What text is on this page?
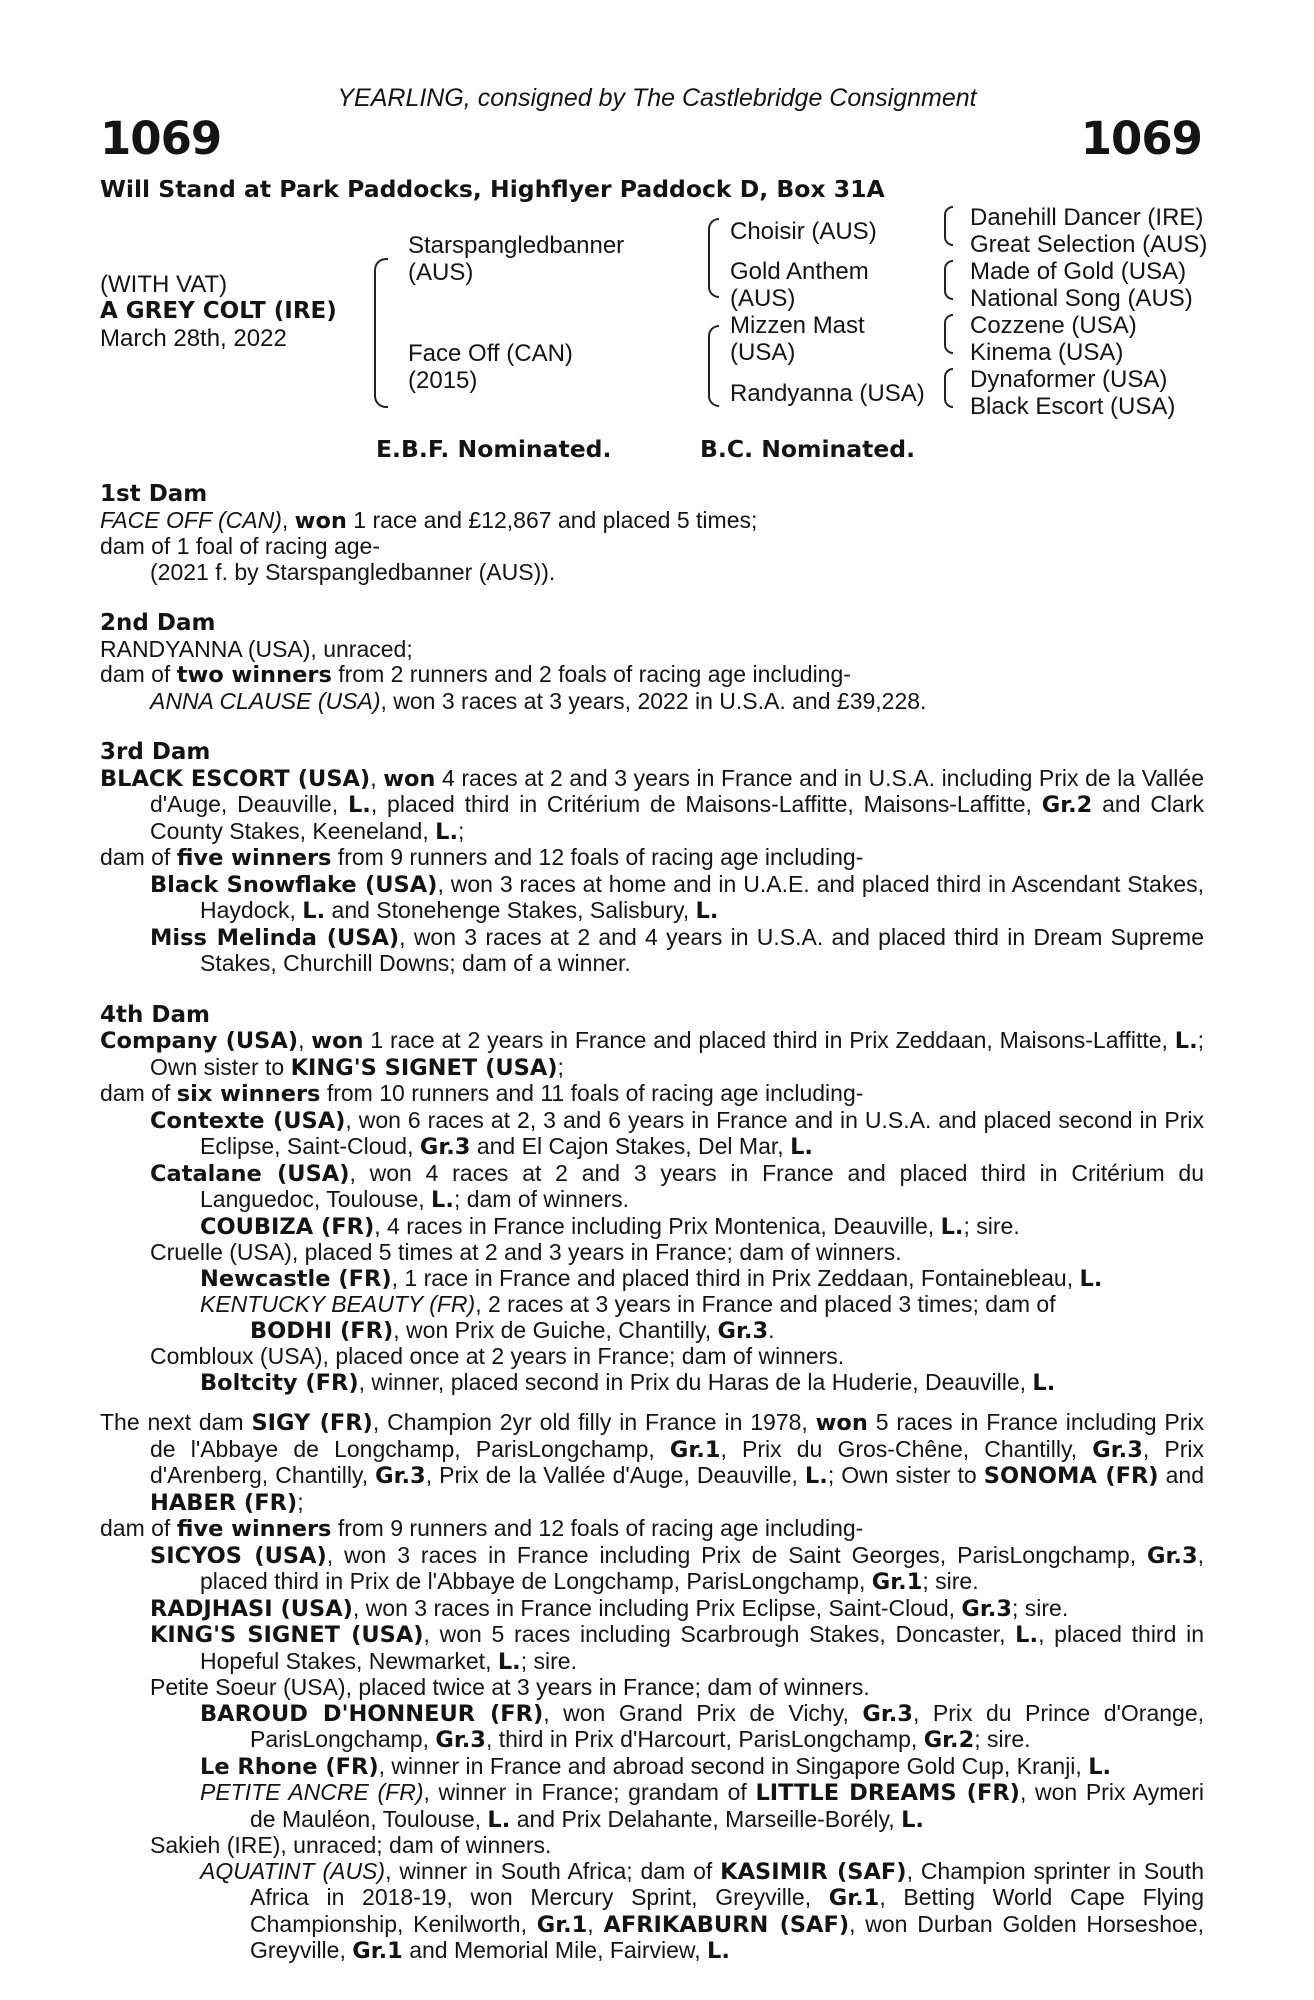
YEARLING, consigned by The Castlebridge Consignment
1069	1069
Will Stand at Park Paddocks, Highflyer Paddock D, Box 31A
(WITH VAT)
A GREY COLT (IRE)
March 28th, 2022
Starspangledbanner
(AUS)
Face Off (CAN)
(2015)
Choisir (AUS)
Gold Anthem
(AUS)
Mizzen Mast
(USA)
Randyanna (USA)
Danehill Dancer (IRE)
Great Selection (AUS)
Made of Gold (USA)
National Song (AUS)
Cozzene (USA)
Kinema (USA)
Dynaformer (USA)
Black Escort (USA)
E.B.F. Nominated.	B.C. Nominated.
1st Dam
FACE OFF (CAN), won 1 race and £12,867 and placed 5 times;
dam of 1 foal of racing age-
(2021 f. by Starspangledbanner (AUS)).
2nd Dam
RANDYANNA (USA), unraced;
dam of two winners from 2 runners and 2 foals of racing age including-
ANNA CLAUSE (USA), won 3 races at 3 years, 2022 in U.S.A. and £39,228.
3rd Dam
BLACK ESCORT (USA), won 4 races at 2 and 3 years in France and in U.S.A. including Prix de la Vallée d'Auge, Deauville, L., placed third in Critérium de Maisons-Laffitte, Maisons-Laffitte, Gr.2 and Clark County Stakes, Keeneland, L.;
dam of five winners from 9 runners and 12 foals of racing age including-
Black Snowflake (USA), won 3 races at home and in U.A.E. and placed third in Ascendant Stakes, Haydock, L. and Stonehenge Stakes, Salisbury, L.
Miss Melinda (USA), won 3 races at 2 and 4 years in U.S.A. and placed third in Dream Supreme Stakes, Churchill Downs; dam of a winner.
4th Dam
Company (USA), won 1 race at 2 years in France and placed third in Prix Zeddaan, Maisons-Laffitte, L.; Own sister to KING'S SIGNET (USA);
dam of six winners from 10 runners and 11 foals of racing age including-
Contexte (USA), won 6 races at 2, 3 and 6 years in France and in U.S.A. and placed second in Prix Eclipse, Saint-Cloud, Gr.3 and El Cajon Stakes, Del Mar, L.
Catalane (USA), won 4 races at 2 and 3 years in France and placed third in Critérium du Languedoc, Toulouse, L.; dam of winners.
COUBIZA (FR), 4 races in France including Prix Montenica, Deauville, L.; sire.
Cruelle (USA), placed 5 times at 2 and 3 years in France; dam of winners.
Newcastle (FR), 1 race in France and placed third in Prix Zeddaan, Fontainebleau, L.
KENTUCKY BEAUTY (FR), 2 races at 3 years in France and placed 3 times; dam of
BODHI (FR), won Prix de Guiche, Chantilly, Gr.3.
Combloux (USA), placed once at 2 years in France; dam of winners.
Boltcity (FR), winner, placed second in Prix du Haras de la Huderie, Deauville, L.
The next dam SIGY (FR), Champion 2yr old filly in France in 1978, won 5 races in France including Prix de l'Abbaye de Longchamp, ParisLongchamp, Gr.1, Prix du Gros-Chêne, Chantilly, Gr.3, Prix d'Arenberg, Chantilly, Gr.3, Prix de la Vallée d'Auge, Deauville, L.; Own sister to SONOMA (FR) and HABER (FR);
dam of five winners from 9 runners and 12 foals of racing age including-
SICYOS (USA), won 3 races in France including Prix de Saint Georges, ParisLongchamp, Gr.3, placed third in Prix de l'Abbaye de Longchamp, ParisLongchamp, Gr.1; sire.
RADJHASI (USA), won 3 races in France including Prix Eclipse, Saint-Cloud, Gr.3; sire.
KING'S SIGNET (USA), won 5 races including Scarbrough Stakes, Doncaster, L., placed third in Hopeful Stakes, Newmarket, L.; sire.
Petite Soeur (USA), placed twice at 3 years in France; dam of winners.
BAROUD D'HONNEUR (FR), won Grand Prix de Vichy, Gr.3, Prix du Prince d'Orange, ParisLongchamp, Gr.3, third in Prix d'Harcourt, ParisLongchamp, Gr.2; sire.
Le Rhone (FR), winner in France and abroad second in Singapore Gold Cup, Kranji, L.
PETITE ANCRE (FR), winner in France; grandam of LITTLE DREAMS (FR), won Prix Aymeri de Mauléon, Toulouse, L. and Prix Delahante, Marseille-Borély, L.
Sakieh (IRE), unraced; dam of winners.
AQUATINT (AUS), winner in South Africa; dam of KASIMIR (SAF), Champion sprinter in South Africa in 2018-19, won Mercury Sprint, Greyville, Gr.1, Betting World Cape Flying Championship, Kenilworth, Gr.1, AFRIKABURN (SAF), won Durban Golden Horseshoe, Greyville, Gr.1 and Memorial Mile, Fairview, L.
